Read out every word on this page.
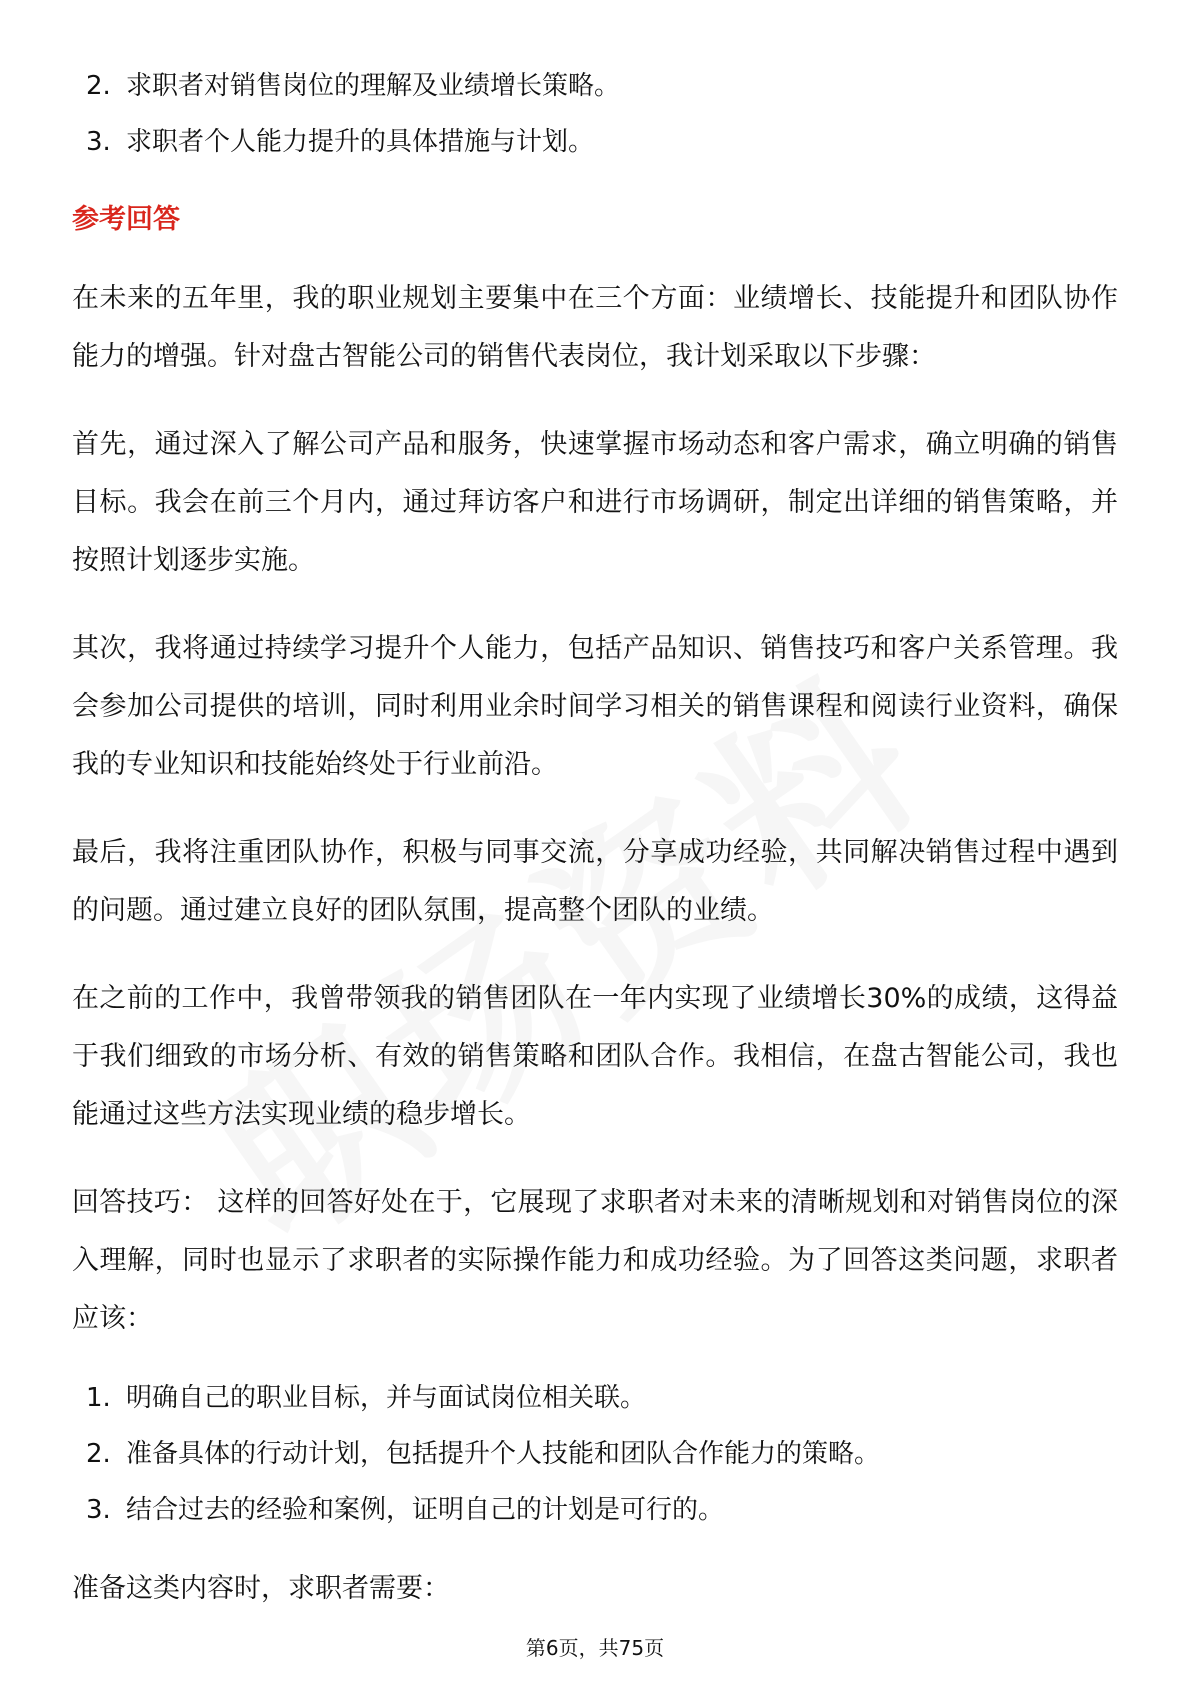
2. 求职者对销售岗位的理解及业绩增长策略。
3. 求职者个人能力提升的具体措施与计划。
参考回答

在未来的五年里，我的职业规划主要集中在三个方面：业绩增长、技能提升和团队协作能力的增强。针对盘古智能公司的销售代表岗位，我计划采取以下步骤：

首先，通过深入了解公司产品和服务，快速掌握市场动态和客户需求，确立明确的销售目标。我会在前三个月内，通过拜访客户和进行市场调研，制定出详细的销售策略，并按照计划逐步实施。

其次，我将通过持续学习提升个人能力，包括产品知识、销售技巧和客户关系管理。我会参加公司提供的培训，同时利用业余时间学习相关的销售课程和阅读行业资料，确保我的专业知识和技能始终处于行业前沿。

最后，我将注重团队协作，积极与同事交流，分享成功经验，共同解决销售过程中遇到的问题。通过建立良好的团队氛围，提高整个团队的业绩。

在之前的工作中，我曾带领我的销售团队在一年内实现了业绩增长30%的成绩，这得益于我们细致的市场分析、有效的销售策略和团队合作。我相信，在盘古智能公司，我也能通过这些方法实现业绩的稳步增长。

回答技巧： 这样的回答好处在于，它展现了求职者对未来的清晰规划和对销售岗位的深入理解，同时也显示了求职者的实际操作能力和成功经验。为了回答这类问题，求职者应该：

1. 明确自己的职业目标，并与面试岗位相关联。
2. 准备具体的行动计划，包括提升个人技能和团队合作能力的策略。
3. 结合过去的经验和案例，证明自己的计划是可行的。

准备这类内容时，求职者需要：

第6页，共75页
